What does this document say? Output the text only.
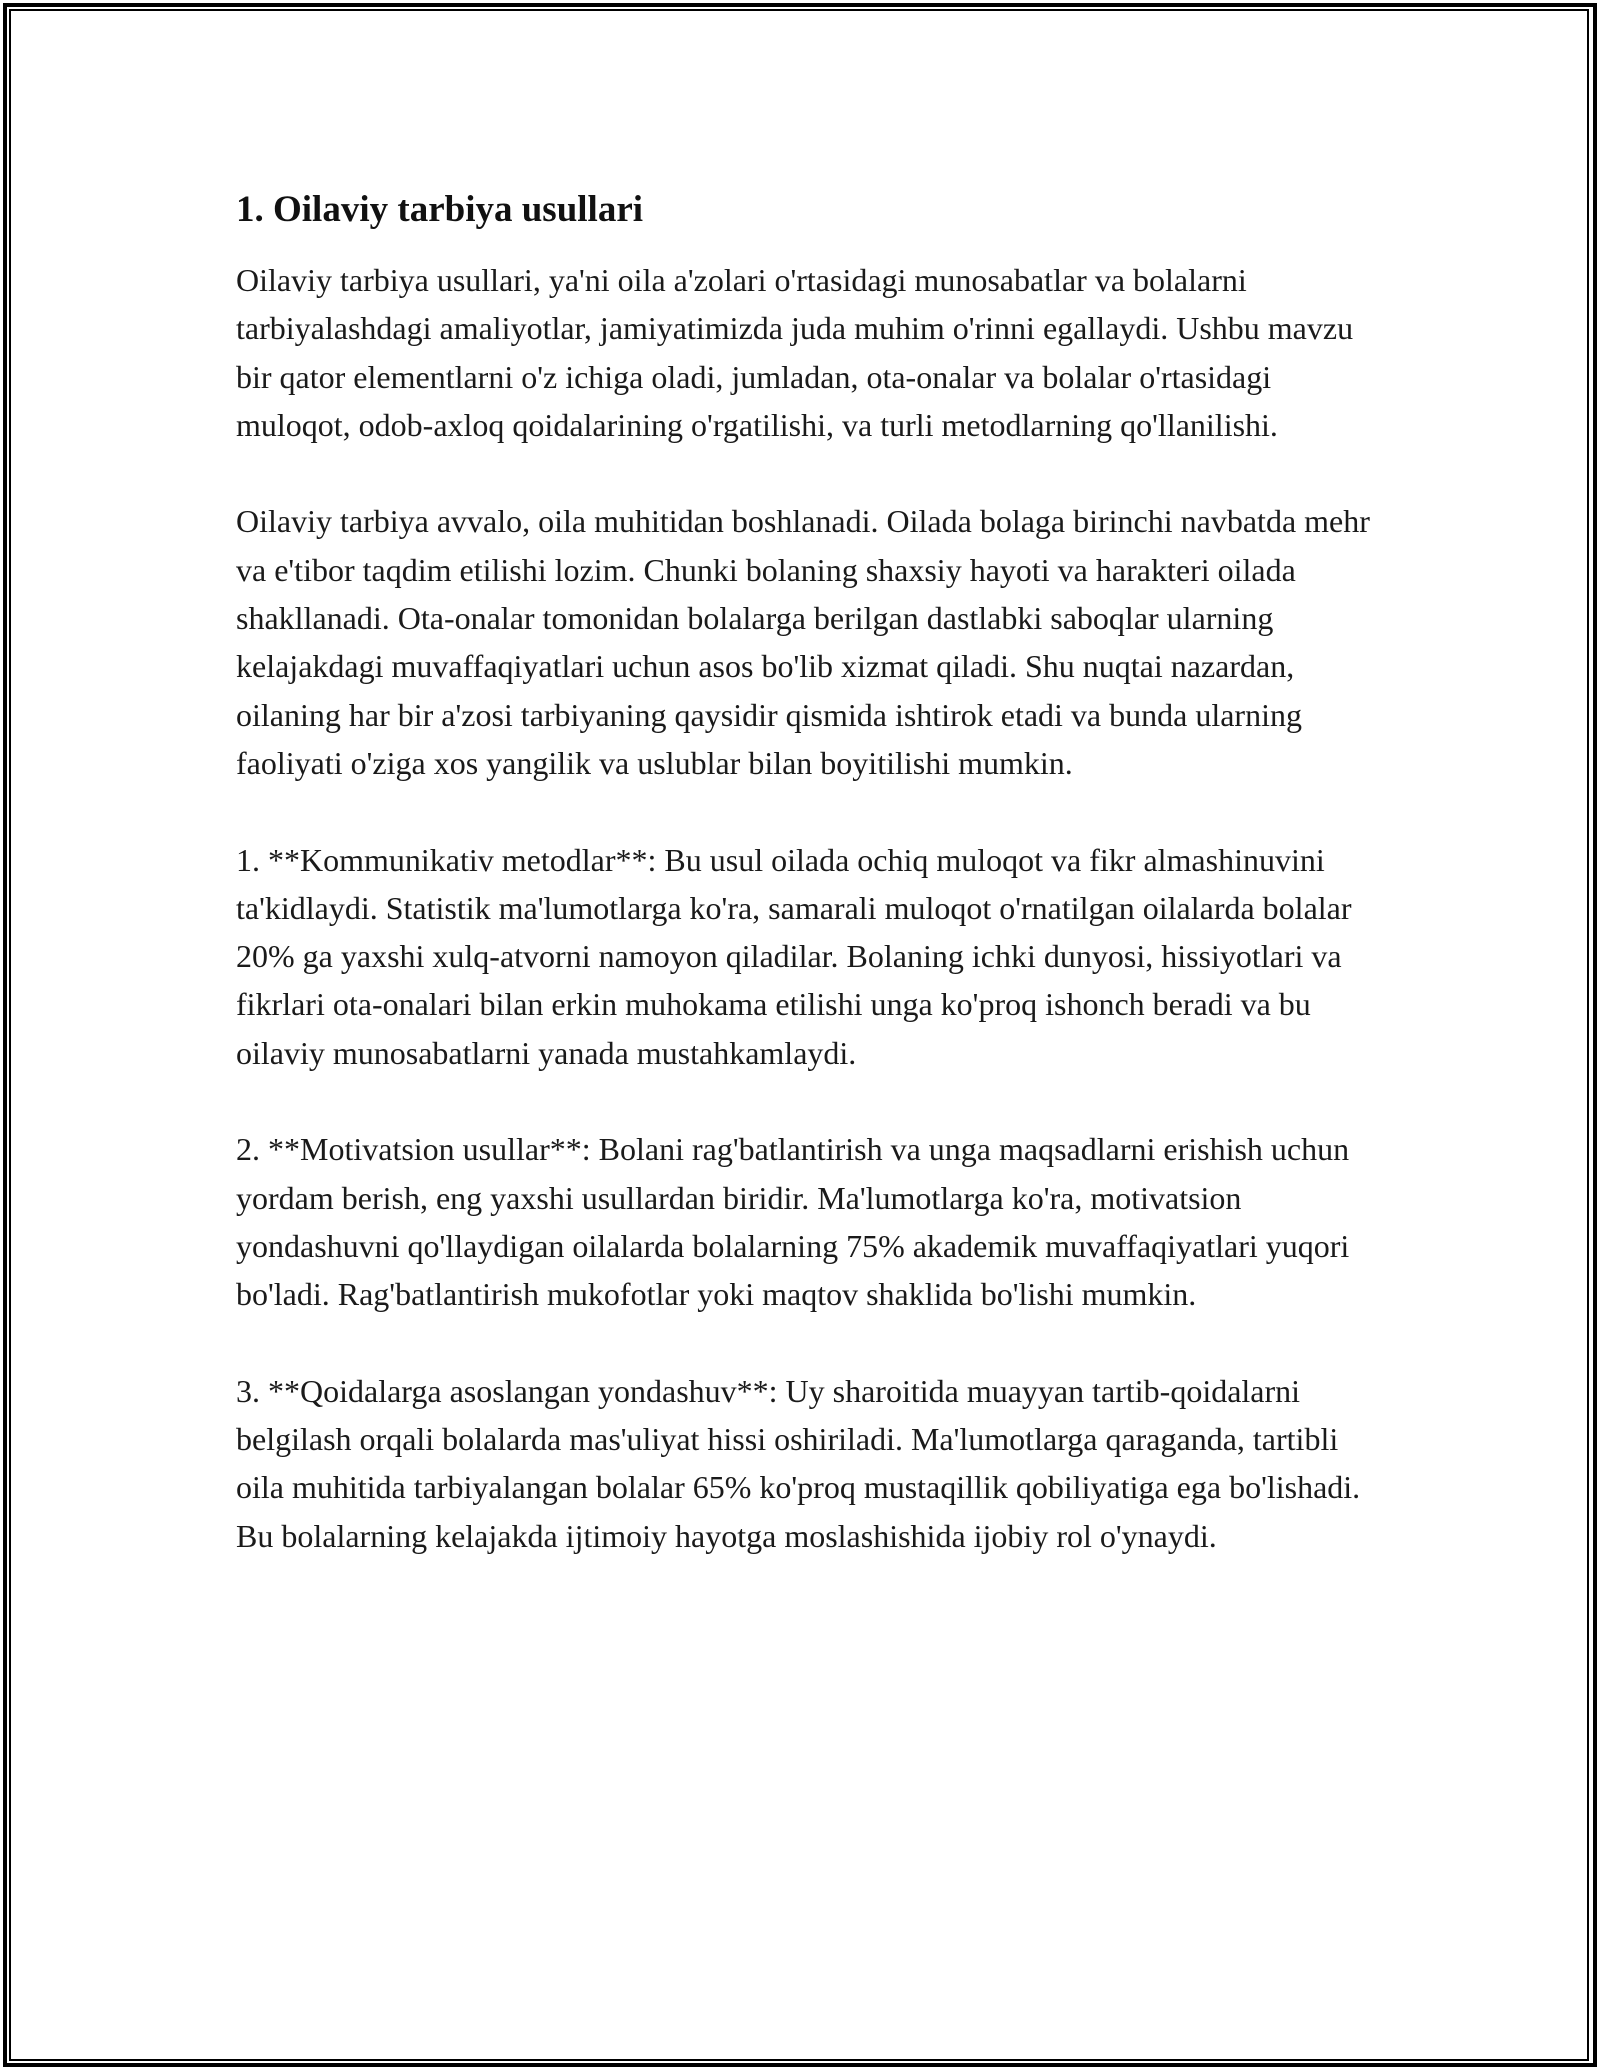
1. Oilaviy tarbiya usullari

Oilaviy tarbiya usullari, ya'ni oila a'zolari o'rtasidagi munosabatlar va bolalarni tarbiyalashdagi amaliyotlar, jamiyatimizda juda muhim o'rinni egallaydi. Ushbu mavzu bir qator elementlarni o'z ichiga oladi, jumladan, ota-onalar va bolalar o'rtasidagi muloqot, odob-axloq qoidalarining o'rgatilishi, va turli metodlarning qo'llanilishi.

Oilaviy tarbiya avvalo, oila muhitidan boshlanadi. Oilada bolaga birinchi navbatda mehr va e'tibor taqdim etilishi lozim. Chunki bolaning shaxsiy hayoti va harakteri oilada shakllanadi. Ota-onalar tomonidan bolalarga berilgan dastlabki saboqlar ularning kelajakdagi muvaffaqiyatlari uchun asos bo'lib xizmat qiladi. Shu nuqtai nazardan, oilaning har bir a'zosi tarbiyaning qaysidir qismida ishtirok etadi va bunda ularning faoliyati o'ziga xos yangilik va uslublar bilan boyitilishi mumkin.

1. **Kommunikativ metodlar**: Bu usul oilada ochiq muloqot va fikr almashinuvini ta'kidlaydi. Statistik ma'lumotlarga ko'ra, samarali muloqot o'rnatilgan oilalarda bolalar 20% ga yaxshi xulq-atvorni namoyon qiladilar. Bolaning ichki dunyosi, hissiyotlari va fikrlari ota-onalari bilan erkin muhokama etilishi unga ko'proq ishonch beradi va bu oilaviy munosabatlarni yanada mustahkamlaydi.

2. **Motivatsion usullar**: Bolani rag'batlantirish va unga maqsadlarni erishish uchun yordam berish, eng yaxshi usullardan biridir. Ma'lumotlarga ko'ra, motivatsion yondashuvni qo'llaydigan oilalarda bolalarning 75% akademik muvaffaqiyatlari yuqori bo'ladi. Rag'batlantirish mukofotlar yoki maqtov shaklida bo'lishi mumkin.

3. **Qoidalarga asoslangan yondashuv**: Uy sharoitida muayyan tartib-qoidalarni belgilash orqali bolalarda mas'uliyat hissi oshiriladi. Ma'lumotlarga qaraganda, tartibli oila muhitida tarbiyalangan bolalar 65% ko'proq mustaqillik qobiliyatiga ega bo'lishadi. Bu bolalarning kelajakda ijtimoiy hayotga moslashishida ijobiy rol o'ynaydi.
